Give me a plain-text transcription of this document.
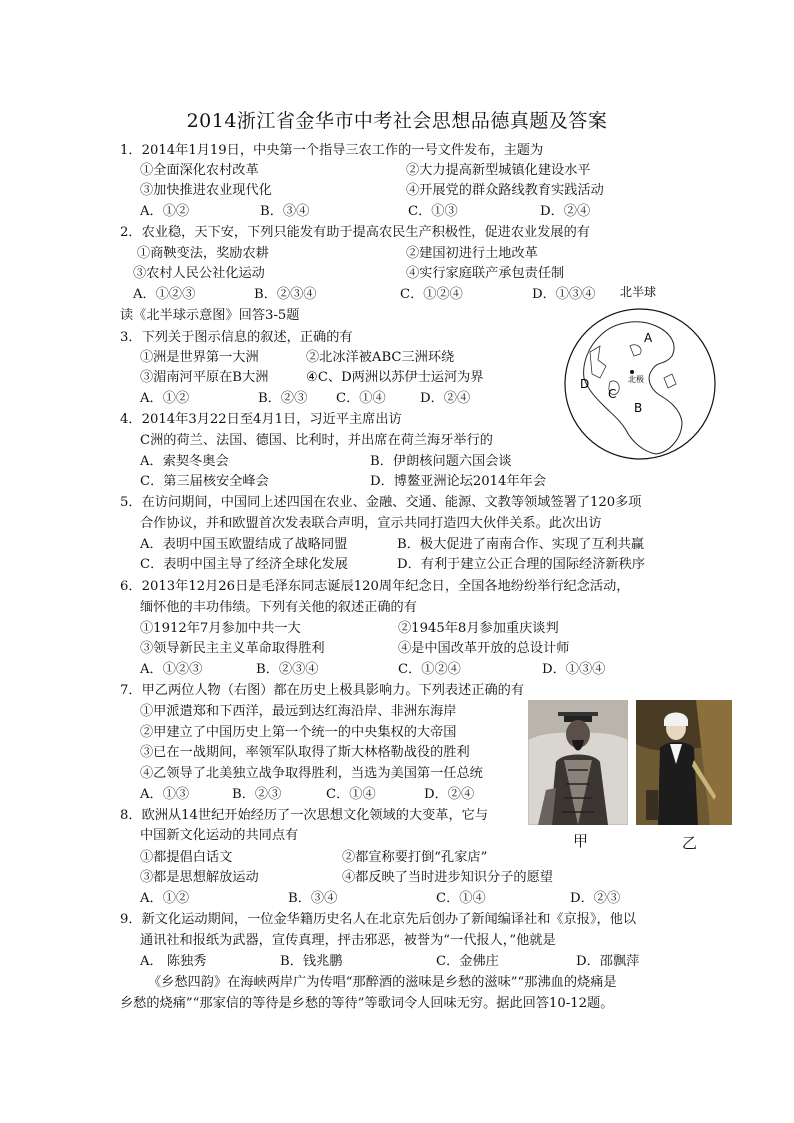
2014浙江省金华市中考社会思想品德真题及答案
1．2014年1月19日，中央第一个指导三农工作的一号文件发布，主题为
①全面深化农村改革	②大力提高新型城镇化建设水平
③加快推进农业现代化	④开展党的群众路线教育实践活动
A．①②	B．③④	C．①③	D．②④
2．农业稳，天下安，下列只能发有助于提高农民生产积极性，促进农业发展的有
①商鞅变法，奖励农耕	②建国初进行土地改革
③农村人民公社化运动	④实行家庭联产承包责任制
A．①②③	B．②③④	C．①②④	D．①③④
读《北半球示意图》回答3-5题
北半球
北极
A
B
C
D
3．下列关于图示信息的叙述，正确的有
①洲是世界第一大洲	②北冰洋被ABC三洲环绕
③湄南河平原在B大洲	④C、D两洲以苏伊士运河为界
A．①②	B．②③ C．①④	D．②④
4．2014年3月22日至4月1日，习近平主席出访
C洲的荷兰、法国、德国、比利时，并出席在荷兰海牙举行的
A．索契冬奥会	B．伊朗核问题六国会谈
C．第三届核安全峰会	D．博鳌亚洲论坛2014年年会
5．在访问期间，中国同上述四国在农业、金融、交通、能源、文教等领域签署了120多项
合作协议，并和欧盟首次发表联合声明，宣示共同打造四大伙伴关系。此次出访
A．表明中国玉欧盟结成了战略同盟	B．极大促进了南南合作、实现了互利共赢
C．表明中国主导了经济全球化发展	D．有利于建立公正合理的国际经济新秩序
6．2013年12月26日是毛泽东同志诞辰120周年纪念日，全国各地纷纷举行纪念活动，
缅怀他的丰功伟绩。下列有关他的叙述正确的有
①1912年7月参加中共一大	②1945年8月参加重庆谈判
③领导新民主主义革命取得胜利	④是中国改革开放的总设计师
A．①②③	B．②③④	C．①②④	D．①③④
7．甲乙两位人物（右图）都在历史上极具影响力。下列表述正确的有
①甲派遣郑和下西洋，最远到达红海沿岸、非洲东海岸
②甲建立了中国历史上第一个统一的中央集权的大帝国
③已在一战期间，率领军队取得了斯大林格勒战役的胜利
④乙领导了北美独立战争取得胜利，当选为美国第一任总统
A．①③	B．②③	C．①④	D．②④
甲	乙
8．欧洲从14世纪开始经历了一次思想文化领域的大变革，它与
中国新文化运动的共同点有
①都提倡白话文	②都宣称要打倒“孔家店”
③都是思想解放运动	④都反映了当时进步知识分子的愿望
A．①②	B．③④	C．①④	D．②③
9．新文化运动期间，一位金华籍历史名人在北京先后创办了新闻编译社和《京报》，他以
通讯社和报纸为武器，宣传真理，抨击邪恶，被誉为“一代报人，”他就是
A． 陈独秀	B．钱兆鹏	C．金佛庄	D．邵飘萍
《乡愁四韵》在海峡两岸广为传唱“那醉酒的滋味是乡愁的滋味”“那沸血的烧痛是
乡愁的烧痛”“那家信的等待是乡愁的等待”等歌词令人回味无穷。据此回答10-12题。
